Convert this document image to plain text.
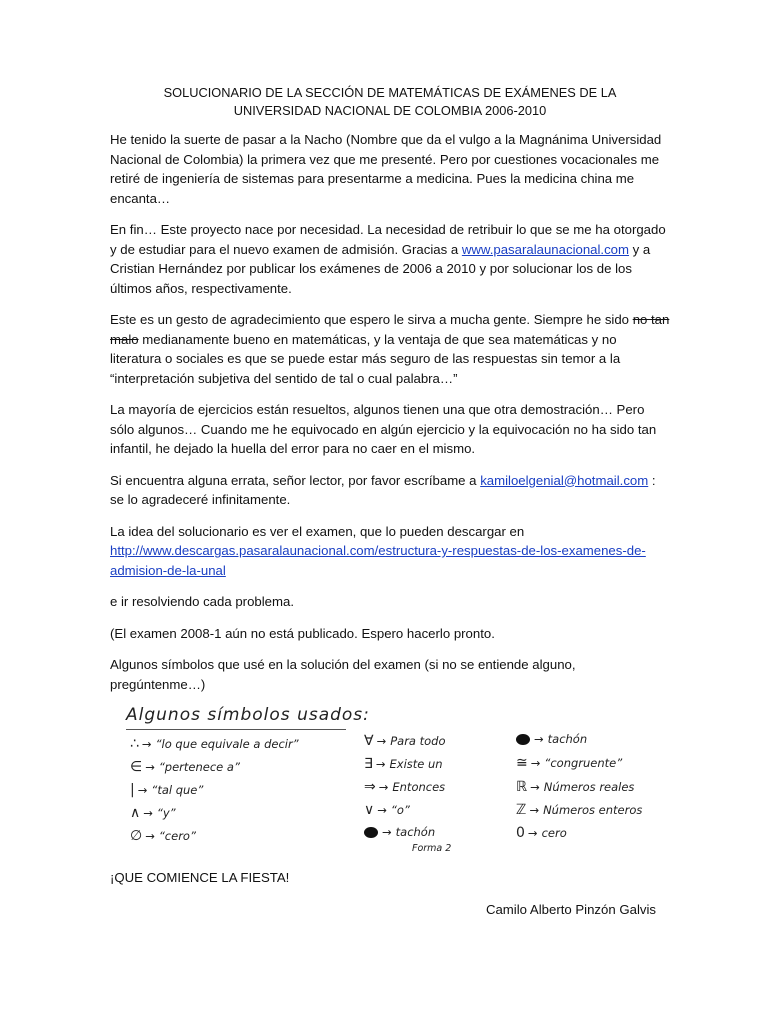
SOLUCIONARIO DE LA SECCIÓN DE MATEMÁTICAS DE EXÁMENES DE LA UNIVERSIDAD NACIONAL DE COLOMBIA 2006-2010

He tenido la suerte de pasar a la Nacho (Nombre que da el vulgo a la Magnánima Universidad Nacional de Colombia) la primera vez que me presenté. Pero por cuestiones vocacionales me retiré de ingeniería de sistemas para presentarme a medicina. Pues la medicina china me encanta…

En fin… Este proyecto nace por necesidad. La necesidad de retribuir lo que se me ha otorgado y de estudiar para el nuevo examen de admisión. Gracias a www.pasaralaunacional.com y a Cristian Hernández por publicar los exámenes de 2006 a 2010 y por solucionar los de los últimos años, respectivamente.

Este es un gesto de agradecimiento que espero le sirva a mucha gente. Siempre he sido no tan malo medianamente bueno en matemáticas, y la ventaja de que sea matemáticas y no literatura o sociales es que se puede estar más seguro de las respuestas sin temor a la “interpretación subjetiva del sentido de tal o cual palabra…”

La mayoría de ejercicios están resueltos, algunos tienen una que otra demostración… Pero sólo algunos… Cuando me he equivocado en algún ejercicio y la equivocación no ha sido tan infantil, he dejado la huella del error para no caer en el mismo.

Si encuentra alguna errata, señor lector, por favor escríbame a kamiloelgenial@hotmail.com : se lo agradeceré infinitamente.

La idea del solucionario es ver el examen, que lo pueden descargar en
http://www.descargas.pasaralaunacional.com/estructura-y-respuestas-de-los-examenes-de-admision-de-la-unal

e ir resolviendo cada problema.

(El examen 2008-1 aún no está publicado. Espero hacerlo pronto.

Algunos símbolos que usé en la solución del examen (si no se entiende alguno, pregúntenme…)

Algunos símbolos usados:
∴ → “lo que equivale a decir”
∈ → “pertenece a”
| → “tal que”
∧ → “y”
∅ → “cero”
∀ → Para todo
∃ → Existe un
⇒ → Entonces
∨ → “o”
→ tachón
Forma 2
→ tachón
≅ → “congruente”
ℝ → Números reales
ℤ → Números enteros
0 → cero

¡QUE COMIENCE LA FIESTA!

Camilo Alberto Pinzón Galvis
